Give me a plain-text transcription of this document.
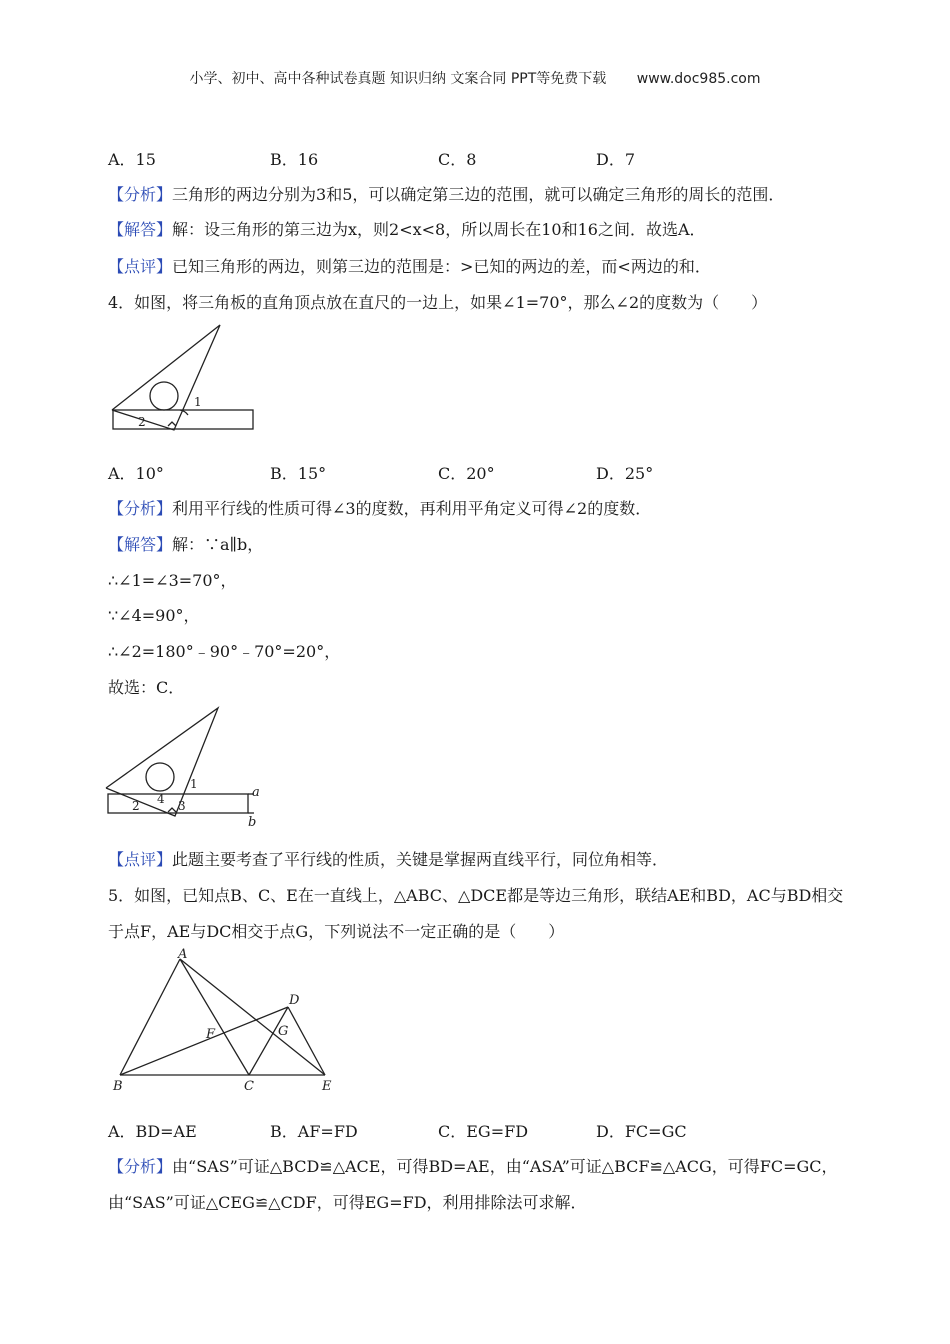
小学、初中、高中各种试卷真题 知识归纳 文案合同 PPT等免费下载 www.doc985.com
A．15	B．16	C．8	D．7
【分析】三角形的两边分别为3和5，可以确定第三边的范围，就可以确定三角形的周长的范围．
【解答】解：设三角形的第三边为x，则2<x<8，所以周长在10和16之间．故选A．
【点评】已知三角形的两边，则第三边的范围是：>已知的两边的差，而<两边的和．
4．如图，将三角板的直角顶点放在直尺的一边上，如果∠1=70°，那么∠2的度数为（　　）
1
2
A．10°	B．15°	C．20°	D．25°
【分析】利用平行线的性质可得∠3的度数，再利用平角定义可得∠2的度数．
【解答】解：∵a∥b，
∴∠1=∠3=70°，
∵∠4=90°，
∴∠2=180°﹣90°﹣70°=20°，
故选：C．
1
2	3
4	a
b
【点评】此题主要考查了平行线的性质，关键是掌握两直线平行，同位角相等．
5．如图，已知点B、C、E在一直线上，△ABC、△DCE都是等边三角形，联结AE和BD，AC与BD相交
于点F，AE与DC相交于点G，下列说法不一定正确的是（　　）
A
B	C
D
E
F	G
A．BD=AE	B．AF=FD	C．EG=FD	D．FC=GC
【分析】由“SAS”可证△BCD≌△ACE，可得BD=AE，由“ASA”可证△BCF≌△ACG，可得FC=GC，
由“SAS”可证△CEG≌△CDF，可得EG=FD，利用排除法可求解．
